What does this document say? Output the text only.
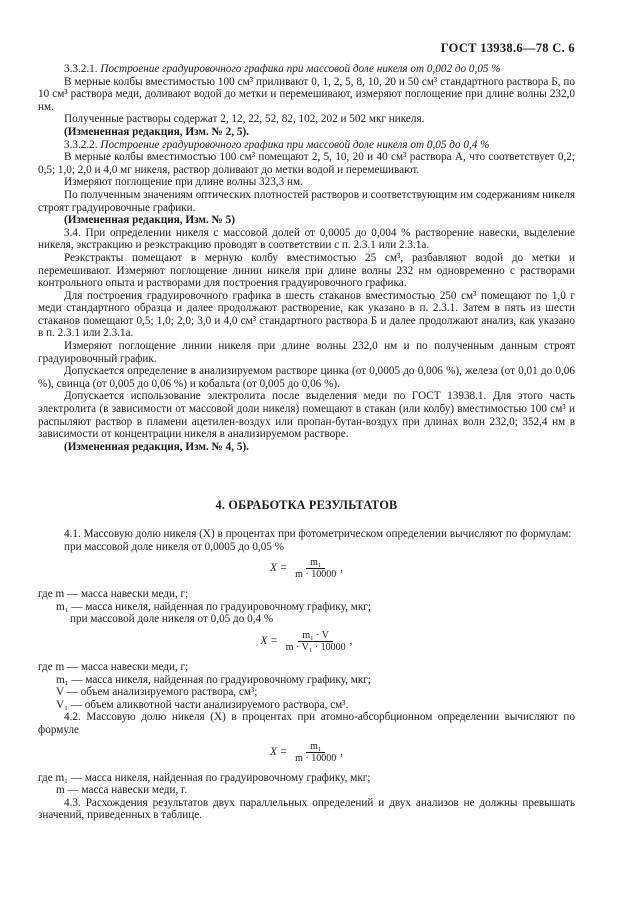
ГОСТ 13938.6—78 С. 6

3.3.2.1. Построение градуировочного графика при массовой доле никеля от 0,002 до 0,05 %

В мерные колбы вместимостью 100 см³ приливают 0, 1, 2, 5, 8, 10, 20 и 50 см³ стандартного раствора Б, по 10 см³ раствора меди, доливают водой до метки и перемешивают, измеряют поглощение при длине волны 232,0 нм.

Полученные растворы содержат 2, 12, 22, 52, 82, 102, 202 и 502 мкг никеля.

(Измененная редакция, Изм. № 2, 5).

3.3.2.2. Построение градуировочного графика при массовой доле никеля от 0,05 до 0,4 %

В мерные колбы вместимостью 100 см³ помещают 2, 5, 10, 20 и 40 см³ раствора А, что соответствует 0,2; 0,5; 1,0; 2,0 и 4,0 мг никеля, раствор доливают до метки водой и перемешивают.

Измеряют поглощение при длине волны 323,3 нм.

По полученным значениям оптических плотностей растворов и соответствующим им содержаниям никеля строят градуировочные графики.

(Измененная редакция, Изм. № 5)

3.4. При определении никеля с массовой долей от 0,0005 до 0,004 % растворение навески, выделение никеля, экстракцию и реэкстракцию проводят в соответствии с п. 2.3.1 или 2.3.1а.

Реэкстракты помещают в мерную колбу вместимостью 25 см³, разбавляют водой до метки и перемешивают. Измеряют поглощение линии никеля при длине волны 232 нм одновременно с растворами контрольного опыта и растворами для построения градуировочного графика.

Для построения градуировочного графика в шесть стаканов вместимостью 250 см³ помещают по 1,0 г меди стандартного образца и далее продолжают растворение, как указано в п. 2.3.1. Затем в пять из шести стаканов помещают 0,5; 1,0; 2,0; 3,0 и 4,0 см³ стандартного раствора Б и далее продолжают анализ, как указано в п. 2.3.1 или 2.3.1а.

Измеряют поглощение линии никеля при длине волны 232,0 нм и по полученным данным строят градуировочный график.

Допускается определение в анализируемом растворе цинка (от 0,0005 до 0,006 %), железа (от 0,01 до 0,06 %), свинца (от 0,005 до 0,06 %) и кобальта (от 0,005 до 0,06 %).

Допускается использование электролита после выделения меди по ГОСТ 13938.1. Для этого часть электролита (в зависимости от массовой доли никеля) помещают в стакан (или колбу) вместимостью 100 см³ и распыляют раствор в пламени ацетилен-воздух или пропан-бутан-воздух при длинах волн 232,0; 352,4 нм в зависимости от концентрации никеля в анализируемом растворе.

(Измененная редакция, Изм. № 4, 5).

4. ОБРАБОТКА РЕЗУЛЬТАТОВ

4.1. Массовую долю никеля (X) в процентах при фотометрическом определении вычисляют по формулам:

при массовой доле никеля от 0,0005 до 0,05 %

$X = \frac{\text{m₁}}{m \cdot 10000}$ ,

где m — масса навески меди, г;

m₁ — масса никеля, найденная по градуировочному графику, мкг;

при массовой доле никеля от 0,05 до 0,4 %

$X = \frac{\text{m₁ · V}}{\text{m · V₁ · 10000}}$ ,

где m — масса навески меди, г;

m₁ — масса никеля, найденная по градуировочному графику, мкг;

V — объем анализируемого раствора, см³;

V₁ — объем аликвотной части анализируемого раствора, см³.

4.2. Массовую долю никеля (X) в процентах при атомно-абсорбционном определении вычисляют по формуле

$X = \frac{\text{m₁}}{m \cdot 10000}$ ,

где m₁ — масса никеля, найденная по градуировочному графику, мкг;

m — масса навески меди, г.

4.3. Расхождения результатов двух параллельных определений и двух анализов не должны превышать значений, приведенных в таблице.
